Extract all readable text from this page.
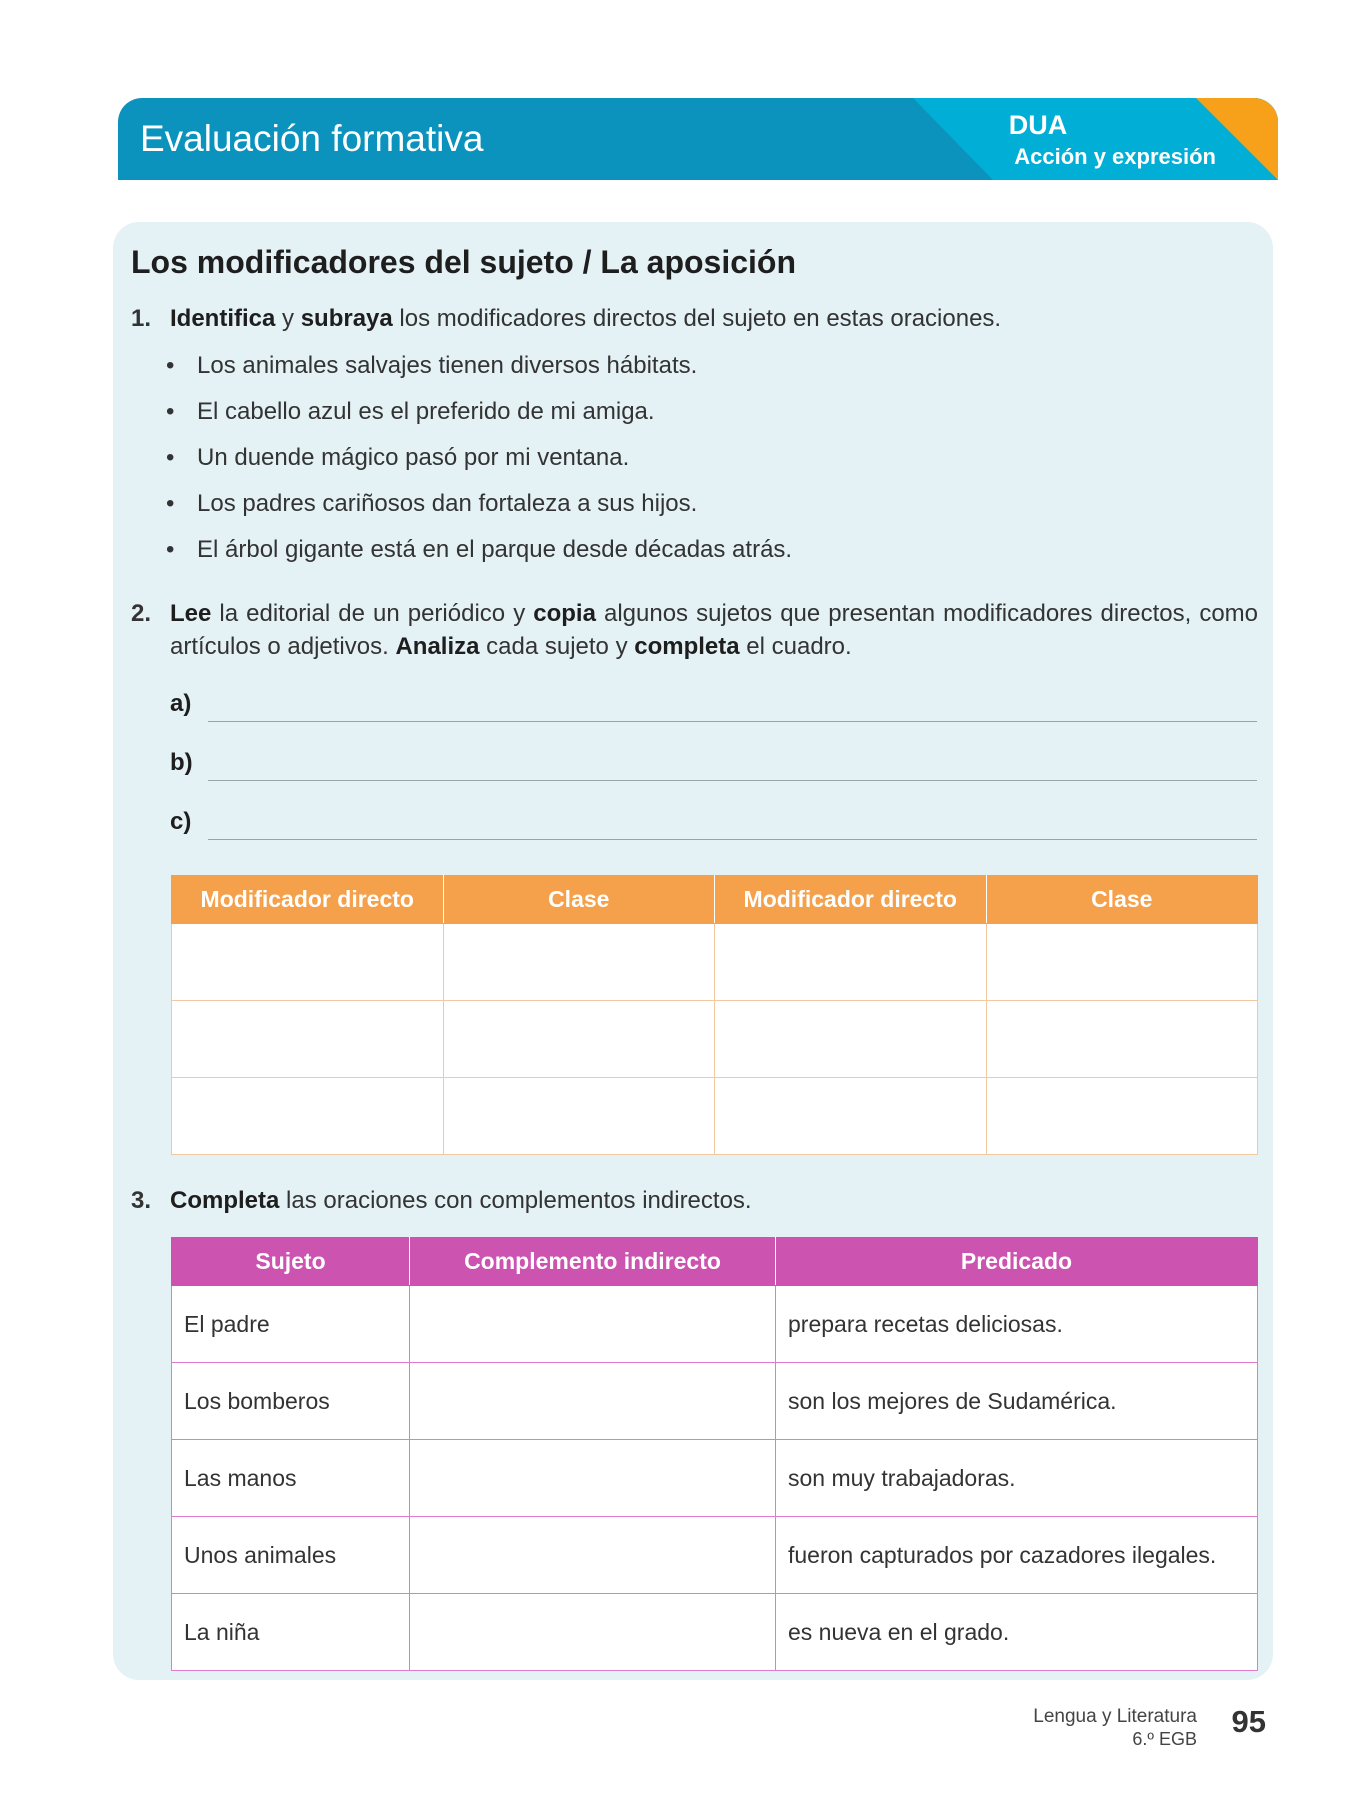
Evaluación formativa	DUA
Acción y expresión
Los modificadores del sujeto / La aposición
1. Identifica y subraya los modificadores directos del sujeto en estas oraciones.
• Los animales salvajes tienen diversos hábitats.
• El cabello azul es el preferido de mi amiga.
• Un duende mágico pasó por mi ventana.
• Los padres cariñosos dan fortaleza a sus hijos.
• El árbol gigante está en el parque desde décadas atrás.
2. Lee la editorial de un periódico y copia algunos sujetos que presentan modificadores directos, como artículos o adjetivos. Analiza cada sujeto y completa el cuadro.
a)
b)
c)
Modificador directo	Clase	Modificador directo	Clase

3. Completa las oraciones con complementos indirectos.
Sujeto	Complemento indirecto	Predicado
El padre		prepara recetas deliciosas.
Los bomberos		son los mejores de Sudamérica.
Las manos		son muy trabajadoras.
Unos animales		fueron capturados por cazadores ilegales.
La niña		es nueva en el grado.
Lengua y Literatura
6.º EGB 95
